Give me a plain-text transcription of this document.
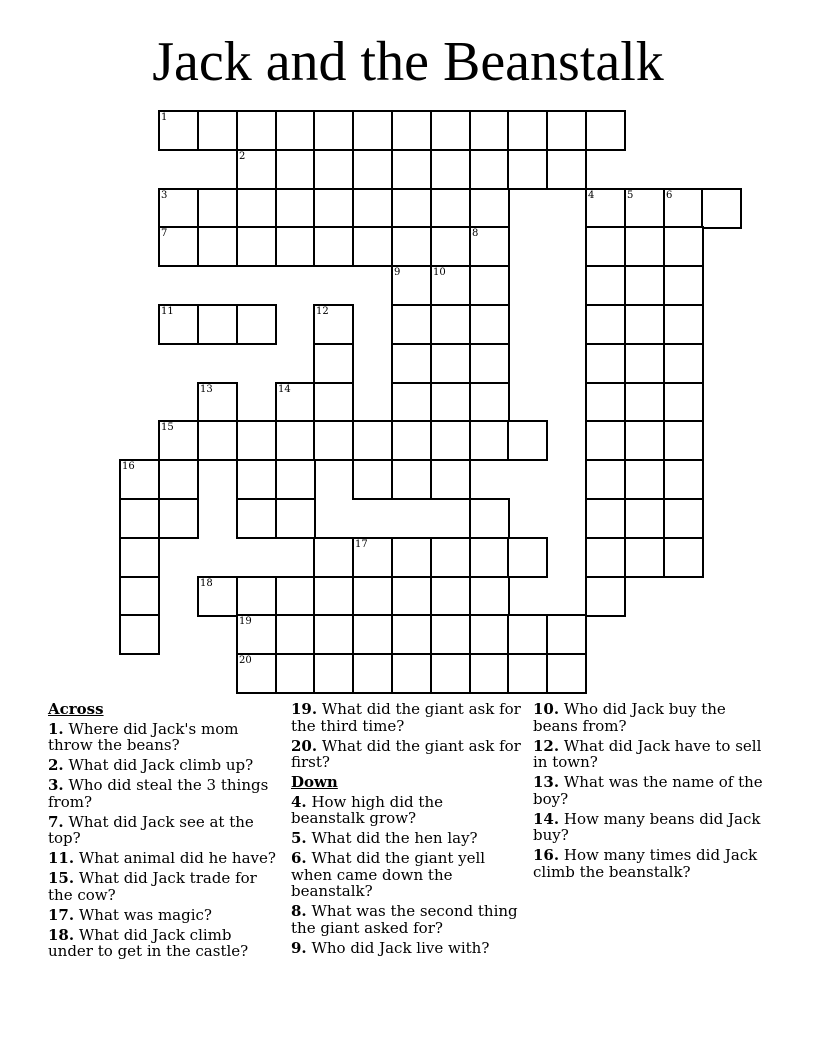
Jack and the Beanstalk
1
2
3	4	5	6
7	8
9	10
11	12
13	14
15
16
17
18
19
20
Across
1. Where did Jack's mom throw the beans?
2. What did Jack climb up?
3. Who did steal the 3 things from?
7. What did Jack see at the top?
11. What animal did he have?
15. What did Jack trade for the cow?
17. What was magic?
18. What did Jack climb under to get in the castle?
19. What did the giant ask for the third time?
20. What did the giant ask for first?
Down
4. How high did the beanstalk grow?
5. What did the hen lay?
6. What did the giant yell when came down the beanstalk?
8. What was the second thing the giant asked for?
9. Who did Jack live with?
10. Who did Jack buy the beans from?
12. What did Jack have to sell in town?
13. What was the name of the boy?
14. How many beans did Jack buy?
16. How many times did Jack climb the beanstalk?
